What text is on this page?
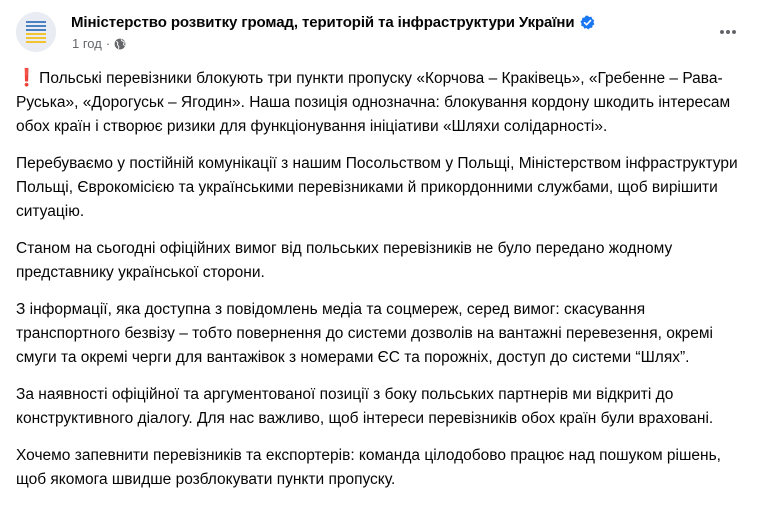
Міністерство розвитку громад, територій та інфраструктури України
1 год ·

❗ Польські перевізники блокують три пункти пропуску «Корчова – Краківець», «Гребенне – Рава-Руська», «Дорогуськ – Ягодин». Наша позиція однозначна: блокування кордону шкодить інтересам обох країн і створює ризики для функціонування ініціативи «Шляхи солідарності».

Перебуваємо у постійній комунікації з нашим Посольством у Польщі, Міністерством інфраструктури Польщі, Єврокомісією та українськими перевізниками й прикордонними службами, щоб вирішити ситуацію.

Станом на сьогодні офіційних вимог від польських перевізників не було передано жодному представнику української сторони.

З інформації, яка доступна з повідомлень медіа та соцмереж, серед вимог: скасування транспортного безвізу – тобто повернення до системи дозволів на вантажні перевезення, окремі смуги та окремі черги для вантажівок з номерами ЄС та порожніх, доступ до системи “Шлях”.

За наявності офіційної та аргументованої позиції з боку польських партнерів ми відкриті до конструктивного діалогу. Для нас важливо, щоб інтереси перевізників обох країн були враховані.

Хочемо запевнити перевізників та експортерів: команда цілодобово працює над пошуком рішень, щоб якомога швидше розблокувати пункти пропуску.
